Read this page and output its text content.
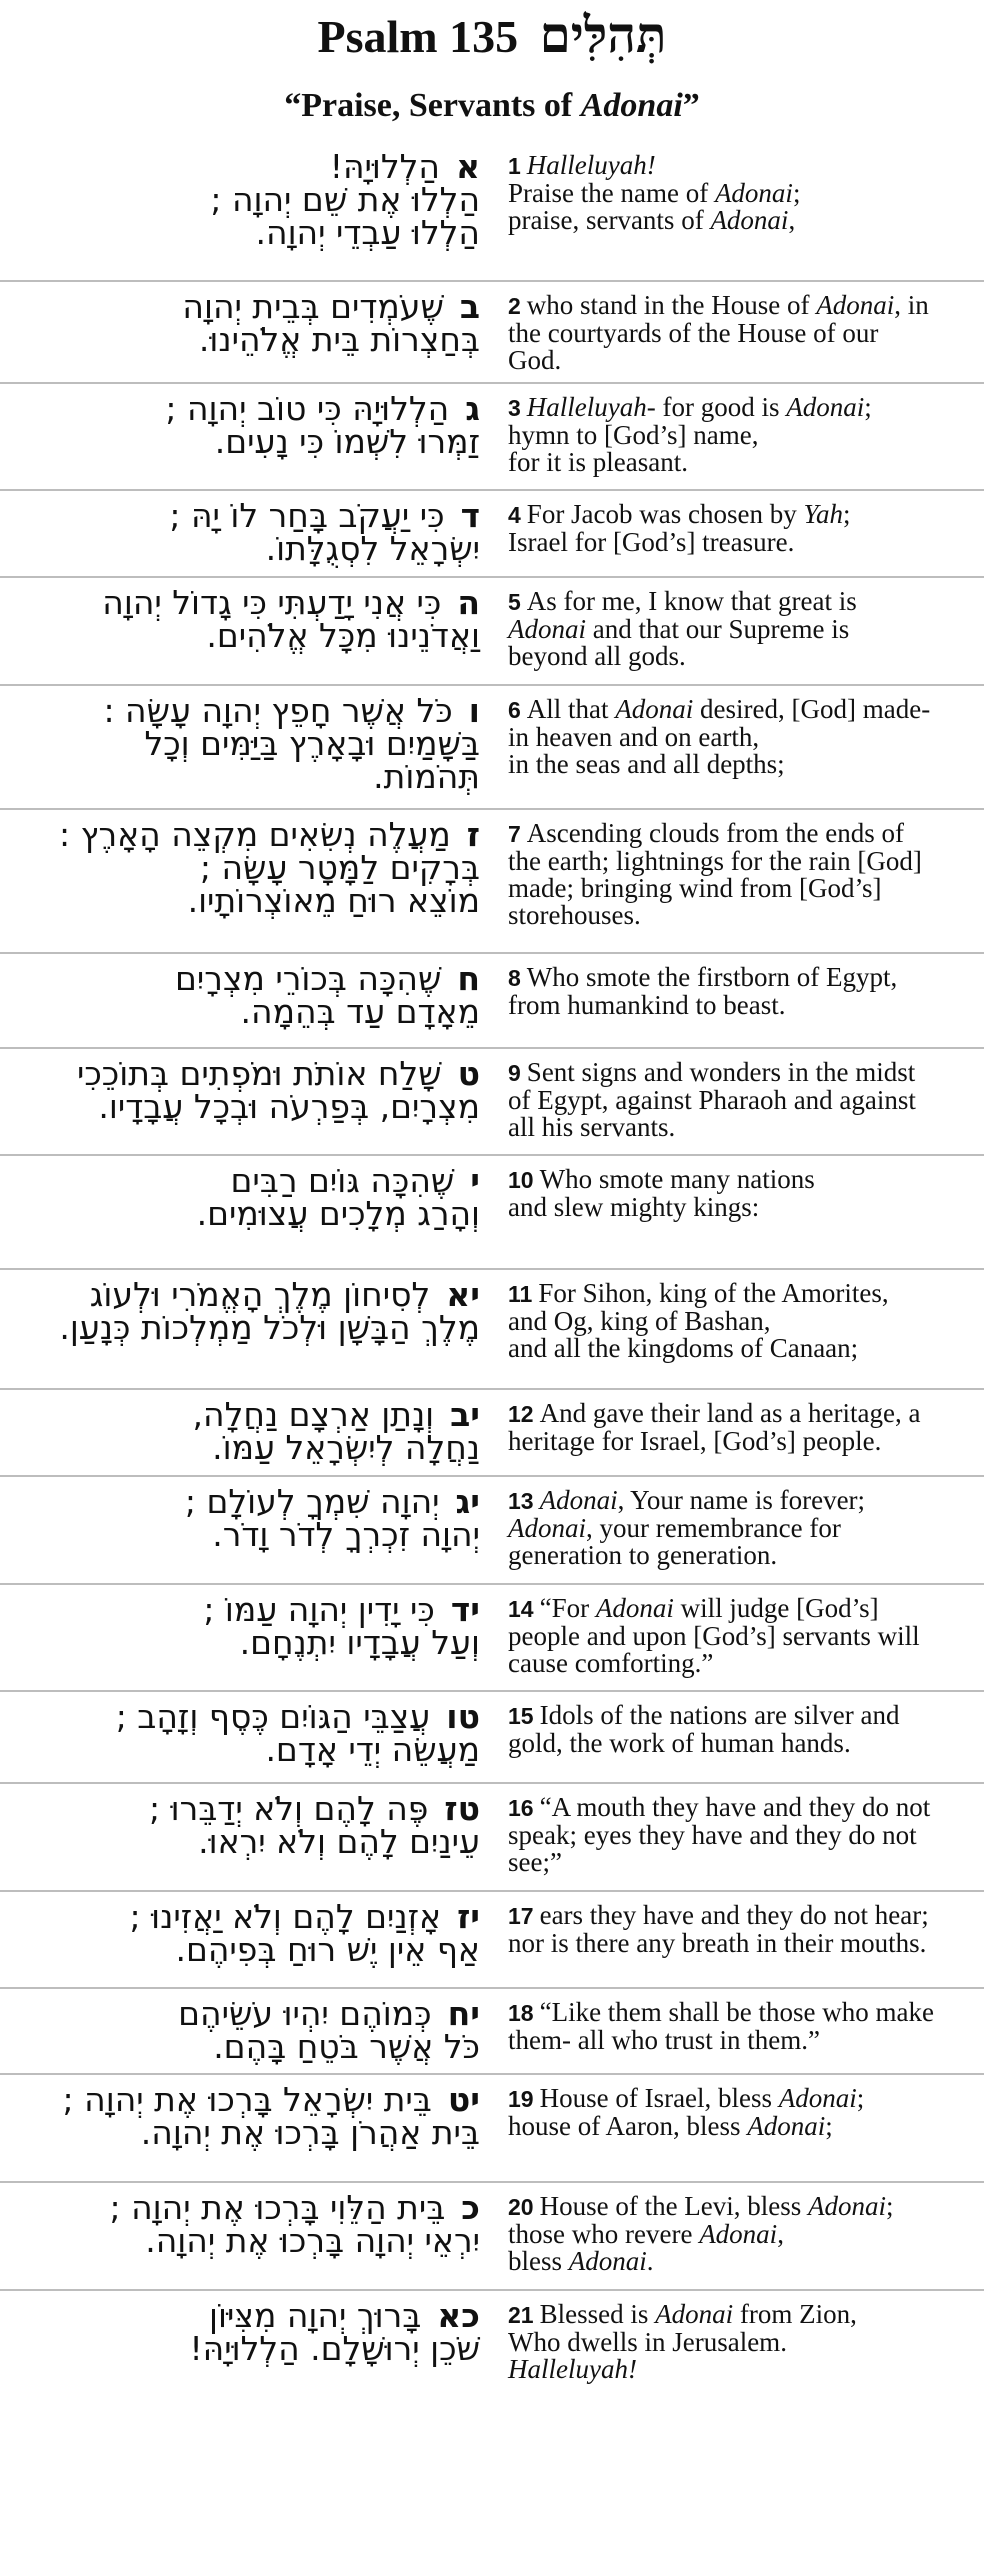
Psalm 135 תְּהִלִּים
“Praise, Servants of Adonai”
אהַלְלוּיָהּ!
הַלְלוּ אֶת שֵׁם יְהוָה ;
הַלְלוּ עַבְדֵי יְהוָה.
1 Halleluyah!
Praise the name of Adonai;
praise, servants of Adonai,
בשֶׁעֹמְדִים בְּבֵית יְהוָה
בְּחַצְרוֹת בֵּית אֱלֹהֵינוּ.
2 who stand in the House of Adonai, in
the courtyards of the House of our
God.
גהַלְלוּיָהּ כִּי טוֹב יְהוָה ;
זַמְּרוּ לִשְׁמוֹ כִּי נָעִים.
3 Halleluyah- for good is Adonai;
hymn to [God’s] name,
for it is pleasant.
דכִּי יַעֲקֹב בָּחַר לוֹ יָהּ ;
יִשְׂרָאֵל לִסְגֻלָּתוֹ.
4 For Jacob was chosen by Yah;
Israel for [God’s] treasure.
הכִּי אֲנִי יָדַעְתִּי כִּי גָדוֹל יְהוָה
וַאֲדֹנֵינוּ מִכָּל אֱלֹהִים.
5 As for me, I know that great is
Adonai and that our Supreme is
beyond all gods.
וכֹּל אֲשֶׁר חָפֵץ יְהוָה עָשָׂה :
בַּשָּׁמַיִם וּבָאָרֶץ בַּיַּמִּים וְכָל
תְּהֹמוֹת.
6 All that Adonai desired, [God] made-
in heaven and on earth,
in the seas and all depths;
זמַעֲלֶה נְשִׂאִים מִקְצֵה הָאָרֶץ :
בְּרָקִים לַמָּטָר עָשָׂה ;
מוֹצֵא רוּחַ מֵאוֹצְרוֹתָיו.
7 Ascending clouds from the ends of
the earth; lightnings for the rain [God]
made; bringing wind from [God’s]
storehouses.
חשֶׁהִכָּה בְּכוֹרֵי מִצְרָיִם
מֵאָדָם עַד בְּהֵמָה.
8 Who smote the firstborn of Egypt,
from humankind to beast.
טשָׁלַח אוֹתֹת וּמֹפְתִים בְּתוֹכֵכִי
מִצְרָיִם, בְּפַרְעֹה וּבְכָל עֲבָדָיו.
9 Sent signs and wonders in the midst
of Egypt, against Pharaoh and against
all his servants.
ישֶׁהִכָּה גּוֹיִם רַבִּים
וְהָרַג מְלָכִים עֲצוּמִים.
10 Who smote many nations
and slew mighty kings:
יאלְסִיחוֹן מֶלֶךְ הָאֱמֹרִי וּלְעוֹג
מֶלֶךְ הַבָּשָׁן וּלְכֹל מַמְלְכוֹת כְּנָעַן.
11 For Sihon, king of the Amorites,
and Og, king of Bashan,
and all the kingdoms of Canaan;
יבוְנָתַן אַרְצָם נַחֲלָה,
נַחֲלָה לְיִשְׂרָאֵל עַמּוֹ.
12 And gave their land as a heritage, a
heritage for Israel, [God’s] people.
יגיְהוָה שִׁמְךָ לְעוֹלָם ;
יְהוָה זִכְרְךָ לְדֹר וָדֹר.
13 Adonai, Your name is forever;
Adonai, your remembrance for
generation to generation.
ידכִּי יָדִין יְהוָה עַמּוֹ ;
וְעַל עֲבָדָיו יִתְנֶחָם.
14 “For Adonai will judge [God’s]
people and upon [God’s] servants will
cause comforting.”
טועֲצַבֵּי הַגּוֹיִם כֶּסֶף וְזָהָב ;
מַעֲשֵׂה יְדֵי אָדָם.
15 Idols of the nations are silver and
gold, the work of human hands.
טזפֶּה לָהֶם וְלֹא יְדַבֵּרוּ ;
עֵינַיִם לָהֶם וְלֹא יִרְאוּ.
16 “A mouth they have and they do not
speak; eyes they have and they do not
see;”
יזאָזְנַיִם לָהֶם וְלֹא יַאֲזִינוּ ;
אַף אֵין יֶשׁ רוּחַ בְּפִיהֶם.
17 ears they have and they do not hear;
nor is there any breath in their mouths.
יחכְּמוֹהֶם יִהְיוּ עֹשֵׂיהֶם
כֹּל אֲשֶׁר בֹּטֵחַ בָּהֶם.
18 “Like them shall be those who make
them- all who trust in them.”
יטבֵּית יִשְׂרָאֵל בָּרְכוּ אֶת יְהוָה ;
בֵּית אַהֲרֹן בָּרְכוּ אֶת יְהוָה.
19 House of Israel, bless Adonai;
house of Aaron, bless Adonai;
כבֵּית הַלֵּוִי בָּרְכוּ אֶת יְהוָה ;
יִרְאֵי יְהוָה בָּרְכוּ אֶת יְהוָה.
20 House of the Levi, bless Adonai;
those who revere Adonai,
bless Adonai.
כאבָּרוּךְ יְהוָה מִצִּיּוֹן
שֹׁכֵן יְרוּשָׁלִָם. הַלְלוּיָהּ!
21 Blessed is Adonai from Zion,
Who dwells in Jerusalem.
Halleluyah!
